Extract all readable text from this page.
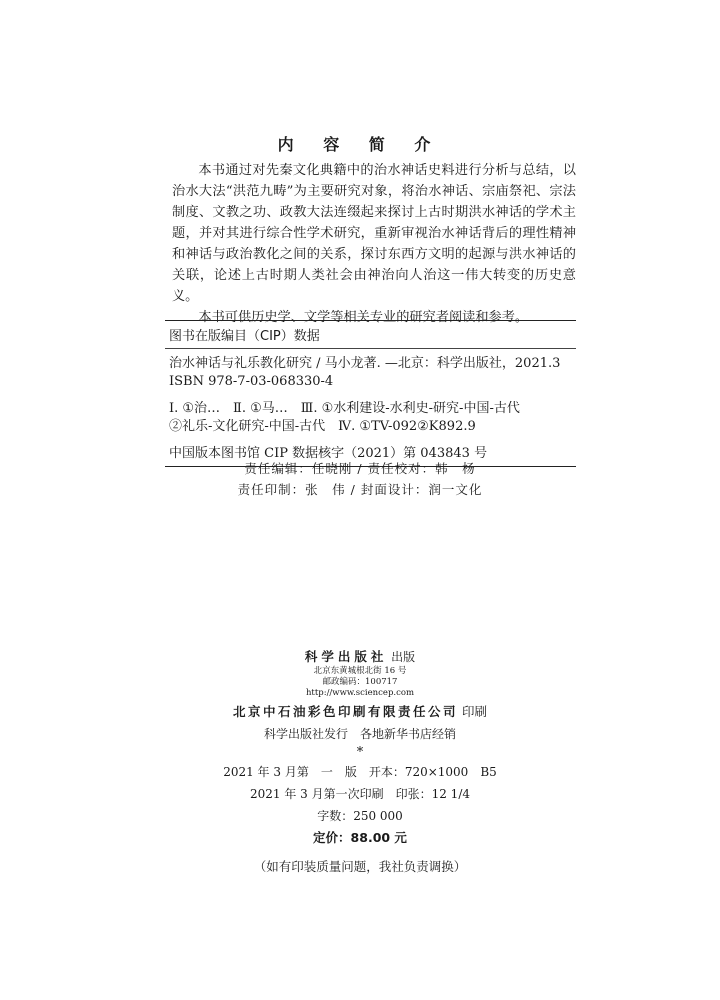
内 容 简 介

本书通过对先秦文化典籍中的治水神话史料进行分析与总结，以治水大法“洪范九畴”为主要研究对象，将治水神话、宗庙祭祀、宗法制度、文教之功、政教大法连缀起来探讨上古时期洪水神话的学术主题，并对其进行综合性学术研究，重新审视治水神话背后的理性精神和神话与政治教化之间的关系，探讨东西方文明的起源与洪水神话的关联，论述上古时期人类社会由神治向人治这一伟大转变的历史意义。

本书可供历史学、文学等相关专业的研究者阅读和参考。

图书在版编目（CIP）数据
治水神话与礼乐教化研究 / 马小龙著. —北京：科学出版社，2021.3
ISBN 978-7-03-068330-4
Ⅰ. ①治…　Ⅱ. ①马…　Ⅲ. ①水利建设-水利史-研究-中国-古代
②礼乐-文化研究-中国-古代　Ⅳ. ①TV-092②K892.9
中国版本图书馆 CIP 数据核字（2021）第 043843 号
责任编辑：任晓刚 / 责任校对：韩　杨
责任印制：张　伟 / 封面设计：润一文化
科学出版社 出版
北京东黄城根北街 16 号
邮政编码：100717
http://www.sciencep.com
北京中石油彩色印刷有限责任公司 印刷
科学出版社发行　各地新华书店经销
*
2021 年 3 月第　一　版　开本：720×1000　B5
2021 年 3 月第一次印刷　印张：12 1/4
字数：250 000
定价：88.00 元
（如有印装质量问题，我社负责调换）
